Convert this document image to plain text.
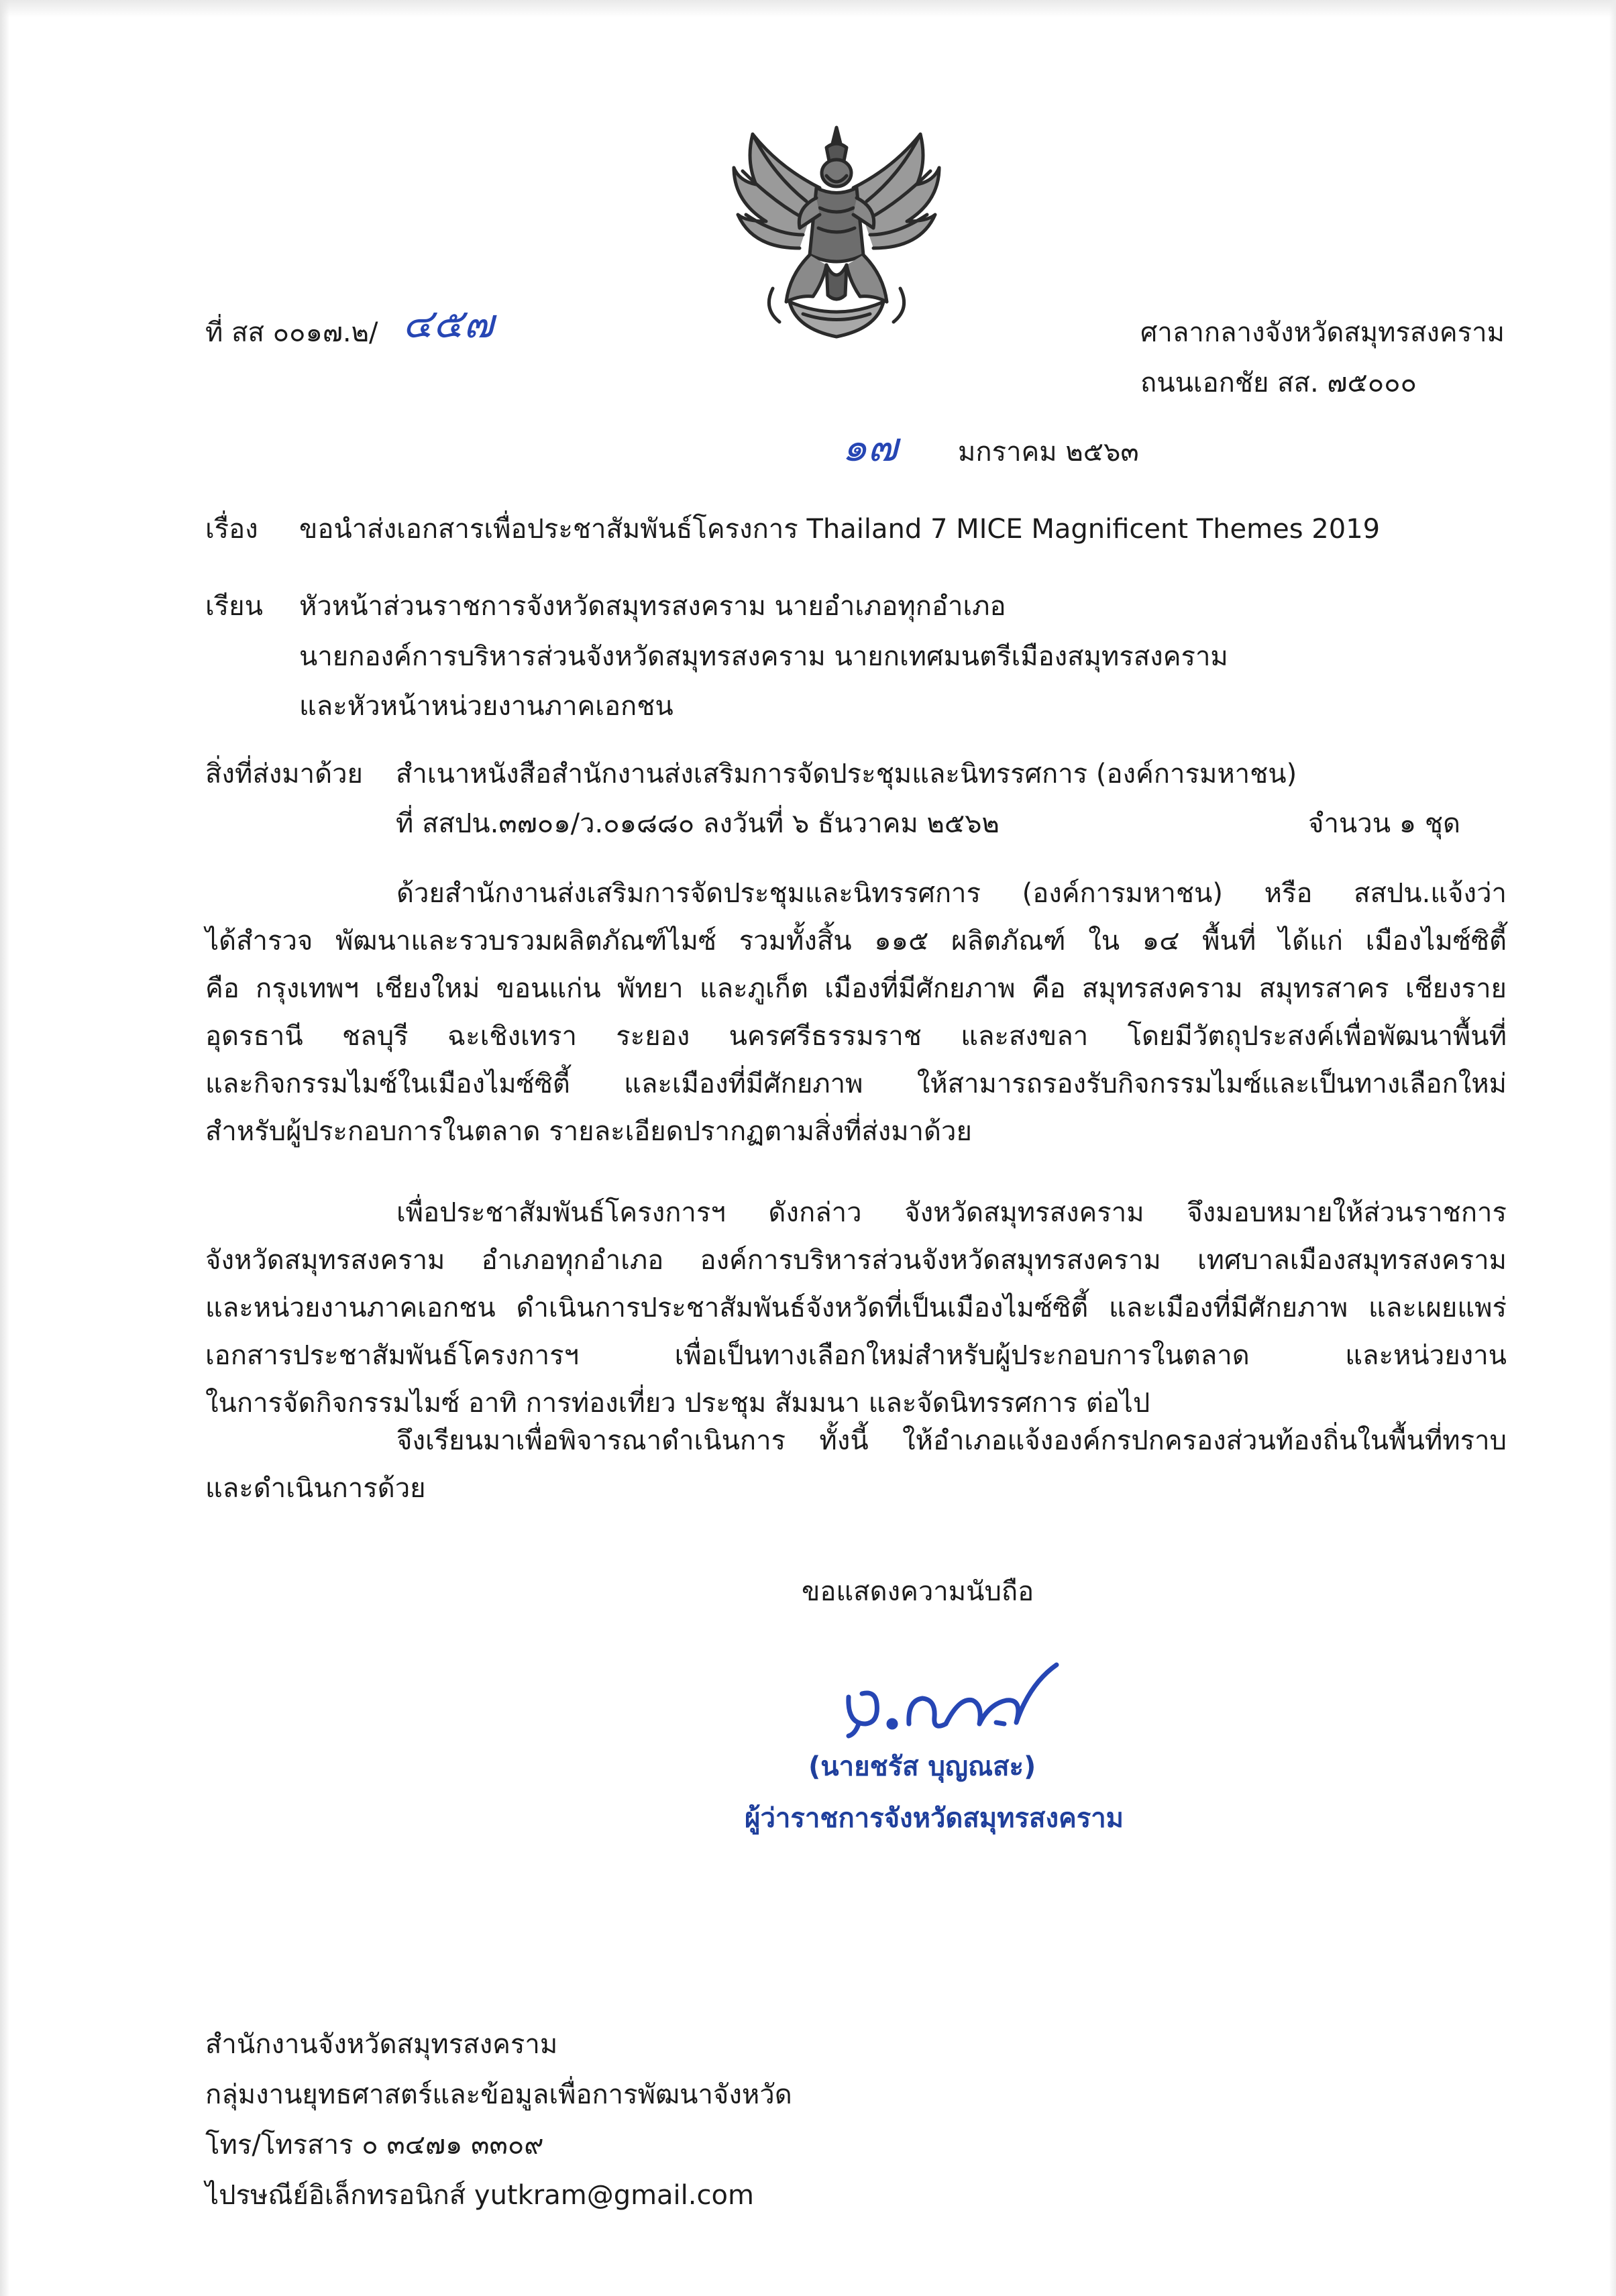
ที่ สส ๐๐๑๗.๒/ ๔๕๗	ศาลากลางจังหวัดสมุทรสงคราม
ถนนเอกชัย สส. ๗๕๐๐๐
๑๗ มกราคม ๒๕๖๓
เรื่อง ขอนำส่งเอกสารเพื่อประชาสัมพันธ์โครงการ Thailand 7 MICE Magnificent Themes 2019
เรียน หัวหน้าส่วนราชการจังหวัดสมุทรสงคราม นายอำเภอทุกอำเภอ
นายกองค์การบริหารส่วนจังหวัดสมุทรสงคราม นายกเทศมนตรีเมืองสมุทรสงคราม
และหัวหน้าหน่วยงานภาคเอกชน
สิ่งที่ส่งมาด้วย สำเนาหนังสือสำนักงานส่งเสริมการจัดประชุมและนิทรรศการ (องค์การมหาชน)
ที่ สสปน.๓๗๐๑/ว.๐๑๘๘๐ ลงวันที่ ๖ ธันวาคม ๒๕๖๒	จำนวน ๑ ชุด
ด้วยสำนักงานส่งเสริมการจัดประชุมและนิทรรศการ (องค์การมหาชน) หรือ สสปน.แจ้งว่า
ได้สำรวจ พัฒนาและรวบรวมผลิตภัณฑ์ไมซ์ รวมทั้งสิ้น ๑๑๕ ผลิตภัณฑ์ ใน ๑๔ พื้นที่ ได้แก่ เมืองไมซ์ซิตี้
คือ กรุงเทพฯ เชียงใหม่ ขอนแก่น พัทยา และภูเก็ต เมืองที่มีศักยภาพ คือ สมุทรสงคราม สมุทรสาคร เชียงราย
อุดรธานี ชลบุรี ฉะเชิงเทรา ระยอง นครศรีธรรมราช และสงขลา โดยมีวัตถุประสงค์เพื่อพัฒนาพื้นที่
และกิจกรรมไมซ์ในเมืองไมซ์ซิตี้ และเมืองที่มีศักยภาพ ให้สามารถรองรับกิจกรรมไมซ์และเป็นทางเลือกใหม่
สำหรับผู้ประกอบการในตลาด รายละเอียดปรากฏตามสิ่งที่ส่งมาด้วย
เพื่อประชาสัมพันธ์โครงการฯ ดังกล่าว จังหวัดสมุทรสงคราม จึงมอบหมายให้ส่วนราชการ
จังหวัดสมุทรสงคราม อำเภอทุกอำเภอ องค์การบริหารส่วนจังหวัดสมุทรสงคราม เทศบาลเมืองสมุทรสงคราม
และหน่วยงานภาคเอกชน ดำเนินการประชาสัมพันธ์จังหวัดที่เป็นเมืองไมซ์ซิตี้ และเมืองที่มีศักยภาพ และเผยแพร่
เอกสารประชาสัมพันธ์โครงการฯ เพื่อเป็นทางเลือกใหม่สำหรับผู้ประกอบการในตลาด และหน่วยงาน
ในการจัดกิจกรรมไมซ์ อาทิ การท่องเที่ยว ประชุม สัมมนา และจัดนิทรรศการ ต่อไป
จึงเรียนมาเพื่อพิจารณาดำเนินการ ทั้งนี้ ให้อำเภอแจ้งองค์กรปกครองส่วนท้องถิ่นในพื้นที่ทราบ
และดำเนินการด้วย
ขอแสดงความนับถือ
(นายชรัส บุญณสะ)
ผู้ว่าราชการจังหวัดสมุทรสงคราม
สำนักงานจังหวัดสมุทรสงคราม
กลุ่มงานยุทธศาสตร์และข้อมูลเพื่อการพัฒนาจังหวัด
โทร/โทรสาร ๐ ๓๔๗๑ ๓๓๐๙
ไปรษณีย์อิเล็กทรอนิกส์ yutkram@gmail.com
